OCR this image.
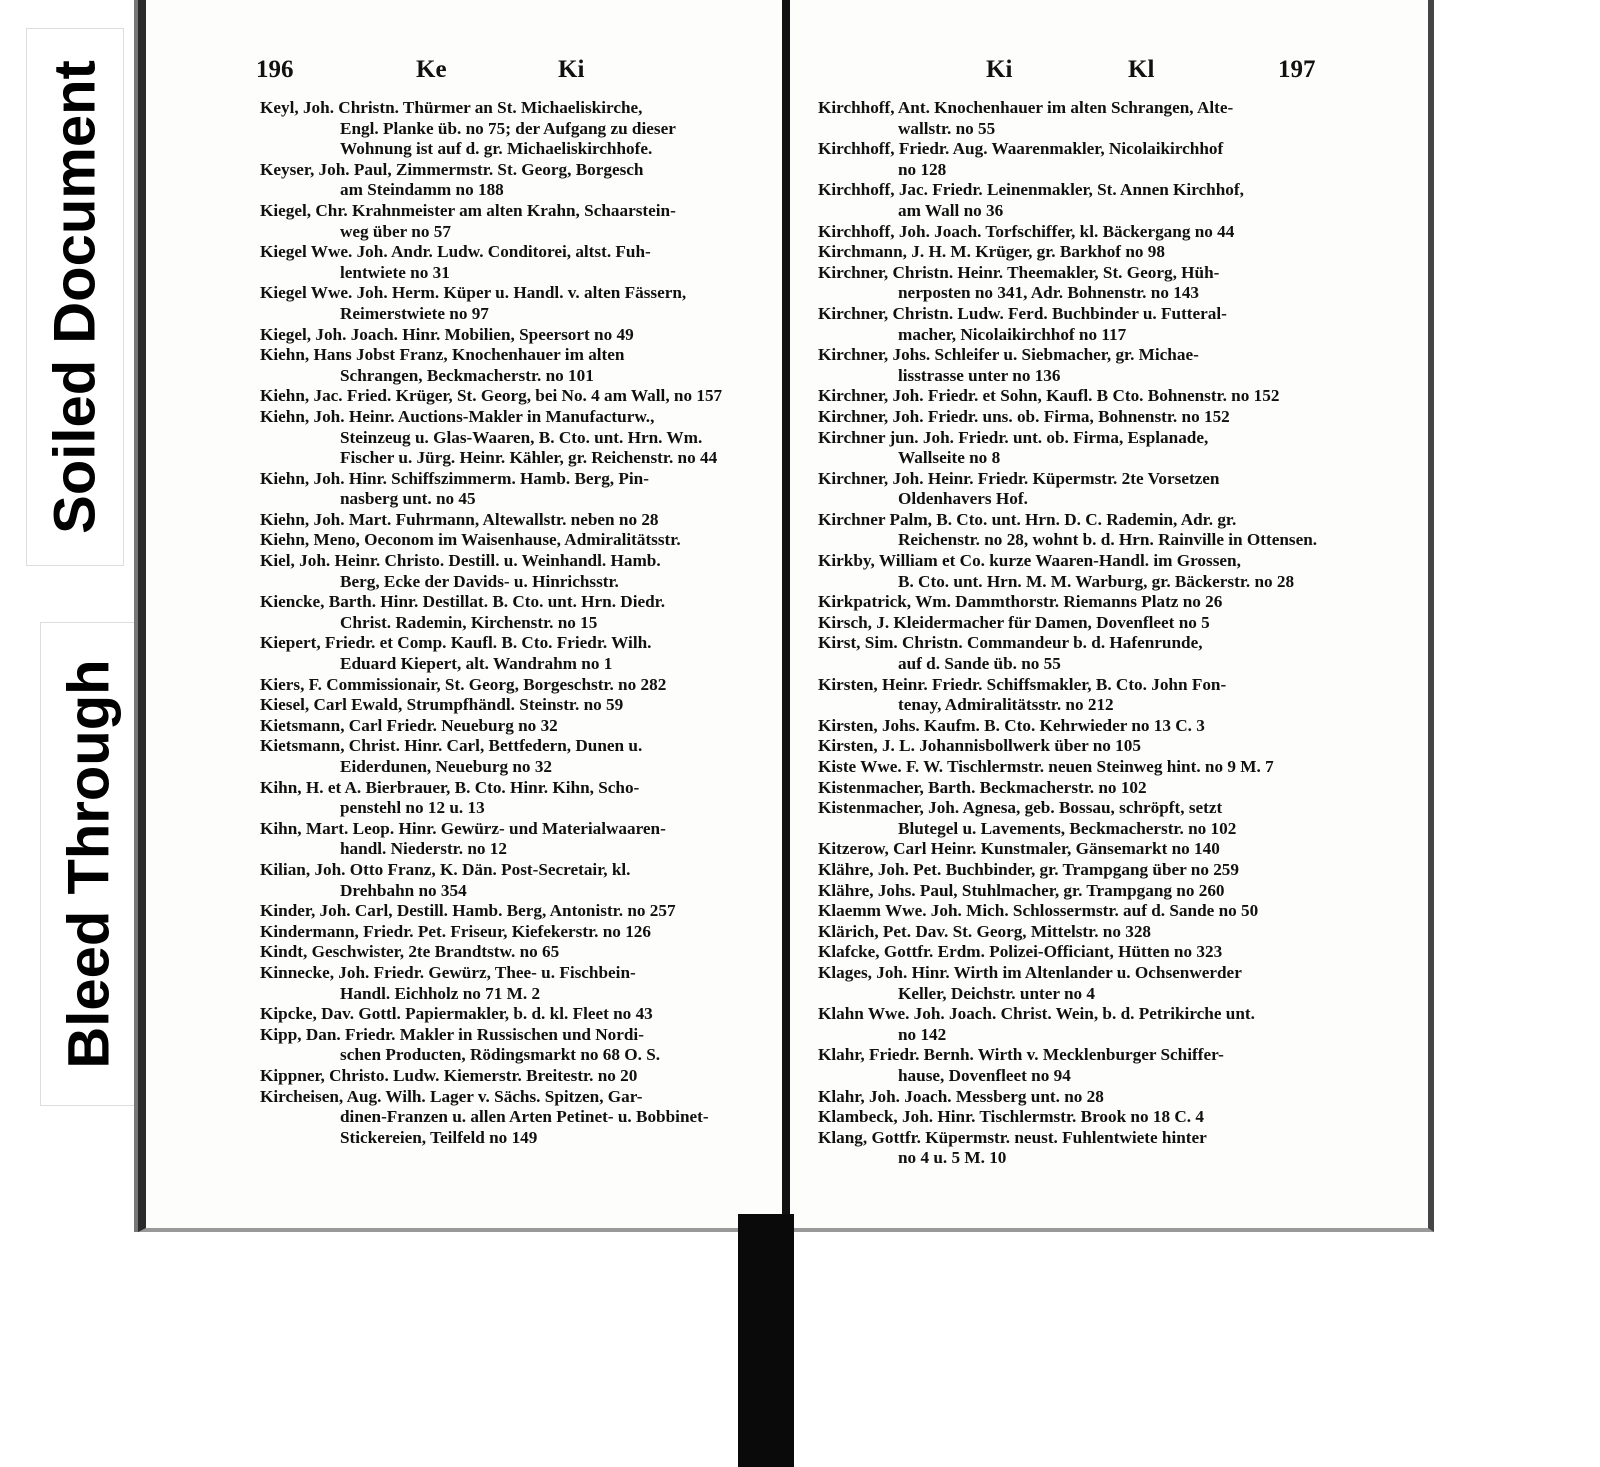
Soiled Document
Bleed Through
196	Ke	Ki
Keyl, Joh. Christn. Thürmer an St. Michaeliskirche,
Engl. Planke üb. no 75; der Aufgang zu dieser
Wohnung ist auf d. gr. Michaeliskirchhofe.
Keyser, Joh. Paul, Zimmermstr. St. Georg, Borgesch
am Steindamm no 188
Kiegel, Chr. Krahnmeister am alten Krahn, Schaarstein-
weg über no 57
Kiegel Wwe. Joh. Andr. Ludw. Conditorei, altst. Fuh-
lentwiete no 31
Kiegel Wwe. Joh. Herm. Küper u. Handl. v. alten Fässern,
Reimerstwiete no 97
Kiegel, Joh. Joach. Hinr. Mobilien, Speersort no 49
Kiehn, Hans Jobst Franz, Knochenhauer im alten
Schrangen, Beckmacherstr. no 101
Kiehn, Jac. Fried. Krüger, St. Georg, bei No. 4 am Wall, no 157
Kiehn, Joh. Heinr. Auctions-Makler in Manufacturw.,
Steinzeug u. Glas-Waaren, B. Cto. unt. Hrn. Wm.
Fischer u. Jürg. Heinr. Kähler, gr. Reichenstr. no 44
Kiehn, Joh. Hinr. Schiffszimmerm. Hamb. Berg, Pin-
nasberg unt. no 45
Kiehn, Joh. Mart. Fuhrmann, Altewallstr. neben no 28
Kiehn, Meno, Oeconom im Waisenhause, Admiralitätsstr.
Kiel, Joh. Heinr. Christo. Destill. u. Weinhandl. Hamb.
Berg, Ecke der Davids- u. Hinrichsstr.
Kiencke, Barth. Hinr. Destillat. B. Cto. unt. Hrn. Diedr.
Christ. Rademin, Kirchenstr. no 15
Kiepert, Friedr. et Comp. Kaufl. B. Cto. Friedr. Wilh.
Eduard Kiepert, alt. Wandrahm no 1
Kiers, F. Commissionair, St. Georg, Borgeschstr. no 282
Kiesel, Carl Ewald, Strumpfhändl. Steinstr. no 59
Kietsmann, Carl Friedr. Neueburg no 32
Kietsmann, Christ. Hinr. Carl, Bettfedern, Dunen u.
Eiderdunen, Neueburg no 32
Kihn, H. et A. Bierbrauer, B. Cto. Hinr. Kihn, Scho-
penstehl no 12 u. 13
Kihn, Mart. Leop. Hinr. Gewürz- und Materialwaaren-
handl. Niederstr. no 12
Kilian, Joh. Otto Franz, K. Dän. Post-Secretair, kl.
Drehbahn no 354
Kinder, Joh. Carl, Destill. Hamb. Berg, Antonistr. no 257
Kindermann, Friedr. Pet. Friseur, Kiefekerstr. no 126
Kindt, Geschwister, 2te Brandtstw. no 65
Kinnecke, Joh. Friedr. Gewürz, Thee- u. Fischbein-
Handl. Eichholz no 71 M. 2
Kipcke, Dav. Gottl. Papiermakler, b. d. kl. Fleet no 43
Kipp, Dan. Friedr. Makler in Russischen und Nordi-
schen Producten, Rödingsmarkt no 68 O. S.
Kippner, Christo. Ludw. Kiemerstr. Breitestr. no 20
Kircheisen, Aug. Wilh. Lager v. Sächs. Spitzen, Gar-
dinen-Franzen u. allen Arten Petinet- u. Bobbinet-
Stickereien, Teilfeld no 149
Ki	Kl	197
Kirchhoff, Ant. Knochenhauer im alten Schrangen, Alte-
wallstr. no 55
Kirchhoff, Friedr. Aug. Waarenmakler, Nicolaikirchhof
no 128
Kirchhoff, Jac. Friedr. Leinenmakler, St. Annen Kirchhof,
am Wall no 36
Kirchhoff, Joh. Joach. Torfschiffer, kl. Bäckergang no 44
Kirchmann, J. H. M. Krüger, gr. Barkhof no 98
Kirchner, Christn. Heinr. Theemakler, St. Georg, Hüh-
nerposten no 341, Adr. Bohnenstr. no 143
Kirchner, Christn. Ludw. Ferd. Buchbinder u. Futteral-
macher, Nicolaikirchhof no 117
Kirchner, Johs. Schleifer u. Siebmacher, gr. Michae-
lisstrasse unter no 136
Kirchner, Joh. Friedr. et Sohn, Kaufl. B Cto. Bohnenstr. no 152
Kirchner, Joh. Friedr. uns. ob. Firma, Bohnenstr. no 152
Kirchner jun. Joh. Friedr. unt. ob. Firma, Esplanade,
Wallseite no 8
Kirchner, Joh. Heinr. Friedr. Küpermstr. 2te Vorsetzen
Oldenhavers Hof.
Kirchner Palm, B. Cto. unt. Hrn. D. C. Rademin, Adr. gr.
Reichenstr. no 28, wohnt b. d. Hrn. Rainville in Ottensen.
Kirkby, William et Co. kurze Waaren-Handl. im Grossen,
B. Cto. unt. Hrn. M. M. Warburg, gr. Bäckerstr. no 28
Kirkpatrick, Wm. Dammthorstr. Riemanns Platz no 26
Kirsch, J. Kleidermacher für Damen, Dovenfleet no 5
Kirst, Sim. Christn. Commandeur b. d. Hafenrunde,
auf d. Sande üb. no 55
Kirsten, Heinr. Friedr. Schiffsmakler, B. Cto. John Fon-
tenay, Admiralitätsstr. no 212
Kirsten, Johs. Kaufm. B. Cto. Kehrwieder no 13 C. 3
Kirsten, J. L. Johannisbollwerk über no 105
Kiste Wwe. F. W. Tischlermstr. neuen Steinweg hint. no 9 M. 7
Kistenmacher, Barth. Beckmacherstr. no 102
Kistenmacher, Joh. Agnesa, geb. Bossau, schröpft, setzt
Blutegel u. Lavements, Beckmacherstr. no 102
Kitzerow, Carl Heinr. Kunstmaler, Gänsemarkt no 140
Klähre, Joh. Pet. Buchbinder, gr. Trampgang über no 259
Klähre, Johs. Paul, Stuhlmacher, gr. Trampgang no 260
Klaemm Wwe. Joh. Mich. Schlossermstr. auf d. Sande no 50
Klärich, Pet. Dav. St. Georg, Mittelstr. no 328
Klafcke, Gottfr. Erdm. Polizei-Officiant, Hütten no 323
Klages, Joh. Hinr. Wirth im Altenlander u. Ochsenwerder
Keller, Deichstr. unter no 4
Klahn Wwe. Joh. Joach. Christ. Wein, b. d. Petrikirche unt.
no 142
Klahr, Friedr. Bernh. Wirth v. Mecklenburger Schiffer-
hause, Dovenfleet no 94
Klahr, Joh. Joach. Messberg unt. no 28
Klambeck, Joh. Hinr. Tischlermstr. Brook no 18 C. 4
Klang, Gottfr. Küpermstr. neust. Fuhlentwiete hinter
no 4 u. 5 M. 10
